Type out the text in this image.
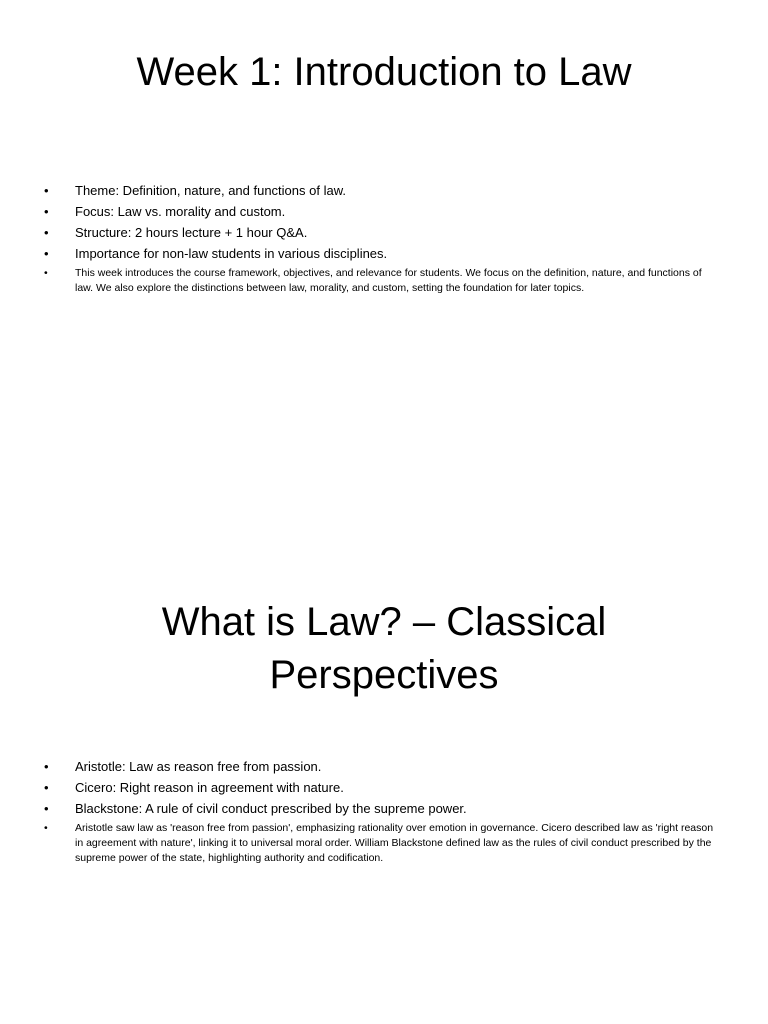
Week 1: Introduction to Law
• Theme: Definition, nature, and functions of law.
• Focus: Law vs. morality and custom.
• Structure: 2 hours lecture + 1 hour Q&A.
• Importance for non-law students in various disciplines.
•	This week introduces the course framework, objectives, and relevance for students. We focus on the definition, nature, and functions of law. We also explore the distinctions between law, morality, and custom, setting the foundation for later topics.
What is Law? – Classical
Perspectives
• Aristotle: Law as reason free from passion.
• Cicero: Right reason in agreement with nature.
• Blackstone: A rule of civil conduct prescribed by the supreme power.
•	Aristotle saw law as 'reason free from passion', emphasizing rationality over emotion in governance. Cicero described law as 'right reason in agreement with nature', linking it to universal moral order. William Blackstone defined law as the rules of civil conduct prescribed by the supreme power of the state, highlighting authority and codification.
